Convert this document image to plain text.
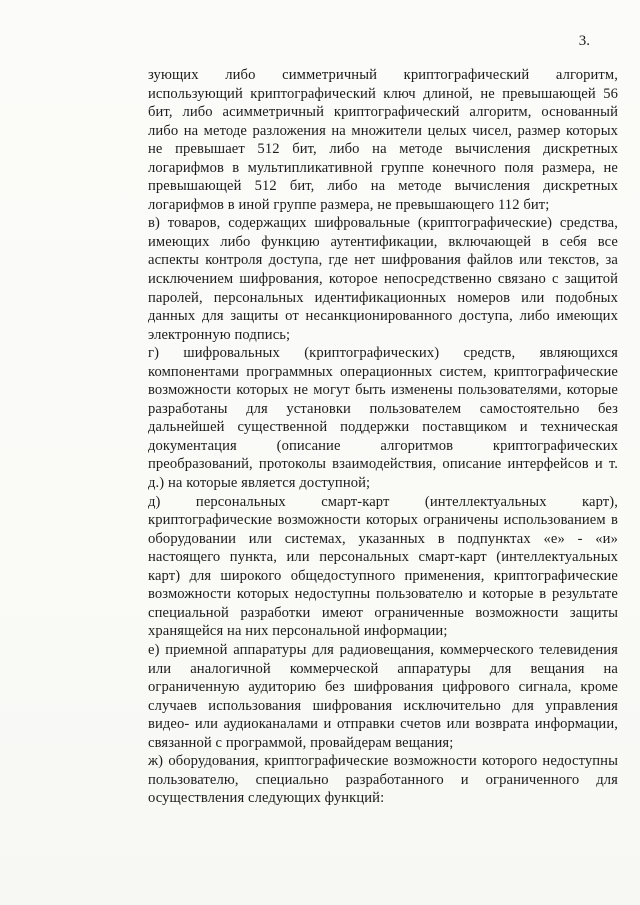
3.

зующих либо симметричный криптографический алгоритм, использующий криптографический ключ длиной, не превышающей 56 бит, либо асимметричный криптографический алгоритм, основанный либо на методе разложения на множители целых чисел, размер которых не превышает 512 бит, либо на методе вычисления дискретных логарифмов в мультипликативной группе конечного поля размера, не превышающей 512 бит, либо на методе вычисления дискретных логарифмов в иной группе размера, не превышающего 112 бит;

в) товаров, содержащих шифровальные (криптографические) средства, имеющих либо функцию аутентификации, включающей в себя все аспекты контроля доступа, где нет шифрования файлов или текстов, за исключением шифрования, которое непосредственно связано с защитой паролей, персональных идентификационных номеров или подобных данных для защиты от несанкционированного доступа, либо имеющих электронную подпись;

г) шифровальных (криптографических) средств, являющихся компонентами программных операционных систем, криптографические возможности которых не могут быть изменены пользователями, которые разработаны для установки пользователем самостоятельно без дальнейшей существенной поддержки поставщиком и техническая документация (описание алгоритмов криптографических преобразований, протоколы взаимодействия, описание интерфейсов и т. д.) на которые является доступной;

д) персональных смарт-карт (интеллектуальных карт), криптографические возможности которых ограничены использованием в оборудовании или системах, указанных в подпунктах «е» - «и» настоящего пункта, или персональных смарт-карт (интеллектуальных карт) для широкого общедоступного применения, криптографические возможности которых недоступны пользователю и которые в результате специальной разработки имеют ограниченные возможности защиты хранящейся на них персональной информации;

е) приемной аппаратуры для радиовещания, коммерческого телевидения или аналогичной коммерческой аппаратуры для вещания на ограниченную аудиторию без шифрования цифрового сигнала, кроме случаев использования шифрования исключительно для управления видео- или аудиоканалами и отправки счетов или возврата информации, связанной с программой, провайдерам вещания;

ж) оборудования, криптографические возможности которого недоступны пользователю, специально разработанного и ограниченного для осуществления следующих функций:
